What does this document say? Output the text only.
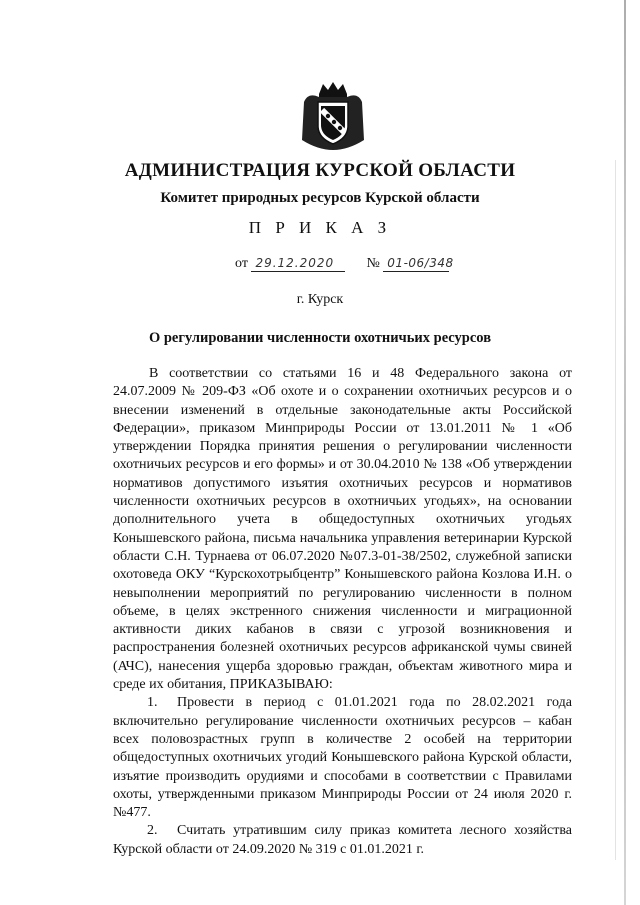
АДМИНИСТРАЦИЯ КУРСКОЙ ОБЛАСТИ
Комитет природных ресурсов Курской области
П Р И К А З
от 29.12.2020 № 01-06/348
г. Курск
О регулировании численности охотничьих ресурсов

В соответствии со статьями 16 и 48 Федерального закона от 24.07.2009 № 209-ФЗ «Об охоте и о сохранении охотничьих ресурсов и о внесении изменений в отдельные законодательные акты Российской Федерации», приказом Минприроды России от 13.01.2011 № 1 «Об утверждении Порядка принятия решения о регулировании численности охотничьих ресурсов и его формы» и от 30.04.2010 № 138 «Об утверждении нормативов допустимого изъятия охотничьих ресурсов и нормативов численности охотничьих ресурсов в охотничьих угодьях», на основании дополнительного учета в общедоступных охотничьих угодьях Конышевского района, письма начальника управления ветеринарии Курской области С.Н. Турнаева от 06.07.2020 №07.3-01-38/2502, служебной записки охотоведа ОКУ “Курскохотрыбцентр” Конышевского района Козлова И.Н. о невыполнении мероприятий по регулированию численности в полном объеме, в целях экстренного снижения численности и миграционной активности диких кабанов в связи с угрозой возникновения и распространения болезней охотничьих ресурсов африканской чумы свиней (АЧС), нанесения ущерба здоровью граждан, объектам животного мира и среде их обитания, ПРИКАЗЫВАЮ:

1. Провести в период с 01.01.2021 года по 28.02.2021 года включительно регулирование численности охотничьих ресурсов – кабан всех половозрастных групп в количестве 2 особей на территории общедоступных охотничьих угодий Конышевского района Курской области, изъятие производить орудиями и способами в соответствии с Правилами охоты, утвержденными приказом Минприроды России от 24 июля 2020 г. №477.

2. Считать утратившим силу приказ комитета лесного хозяйства Курской области от 24.09.2020 № 319 с 01.01.2021 г.
